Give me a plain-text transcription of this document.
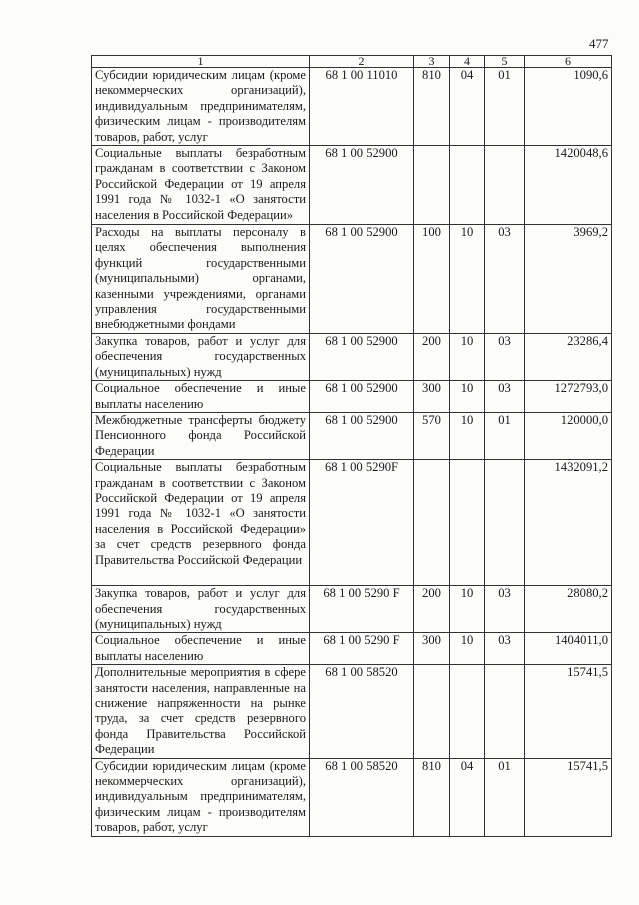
477
1	2	3	4	5	6
Субсидии юридическим лицам (кроме некоммерческих организаций), индивидуальным предпринимателям, физическим лицам - производителям товаров, работ, услуг	68 1 00 11010	810	04	01	1090,6
Социальные выплаты безработным гражданам в соответствии с Законом Российской Федерации от 19 апреля 1991 года № 1032-1 «О занятости населения в Российской Федерации»	68 1 00 52900				1420048,6
Расходы на выплаты персоналу в целях обеспечения выполнения функций государственными (муниципальными) органами, казенными учреждениями, органами управления государственными внебюджетными фондами	68 1 00 52900	100	10	03	3969,2
Закупка товаров, работ и услуг для обеспечения государственных (муниципальных) нужд	68 1 00 52900	200	10	03	23286,4
Социальное обеспечение и иные выплаты населению	68 1 00 52900	300	10	03	1272793,0
Межбюджетные трансферты бюджету Пенсионного фонда Российской Федерации	68 1 00 52900	570	10	01	120000,0
Социальные выплаты безработным гражданам в соответствии с Законом Российской Федерации от 19 апреля 1991 года № 1032-1 «О занятости населения в Российской Федерации» за счет средств резервного фонда Правительства Российской Федерации	68 1 00 5290F				1432091,2
Закупка товаров, работ и услуг для обеспечения государственных (муниципальных) нужд	68 1 00 5290 F	200	10	03	28080,2
Социальное обеспечение и иные выплаты населению	68 1 00 5290 F	300	10	03	1404011,0
Дополнительные мероприятия в сфере занятости населения, направленные на снижение напряженности на рынке труда, за счет средств резервного фонда Правительства Российской Федерации	68 1 00 58520				15741,5
Субсидии юридическим лицам (кроме некоммерческих организаций), индивидуальным предпринимателям, физическим лицам - производителям товаров, работ, услуг	68 1 00 58520	810	04	01	15741,5
